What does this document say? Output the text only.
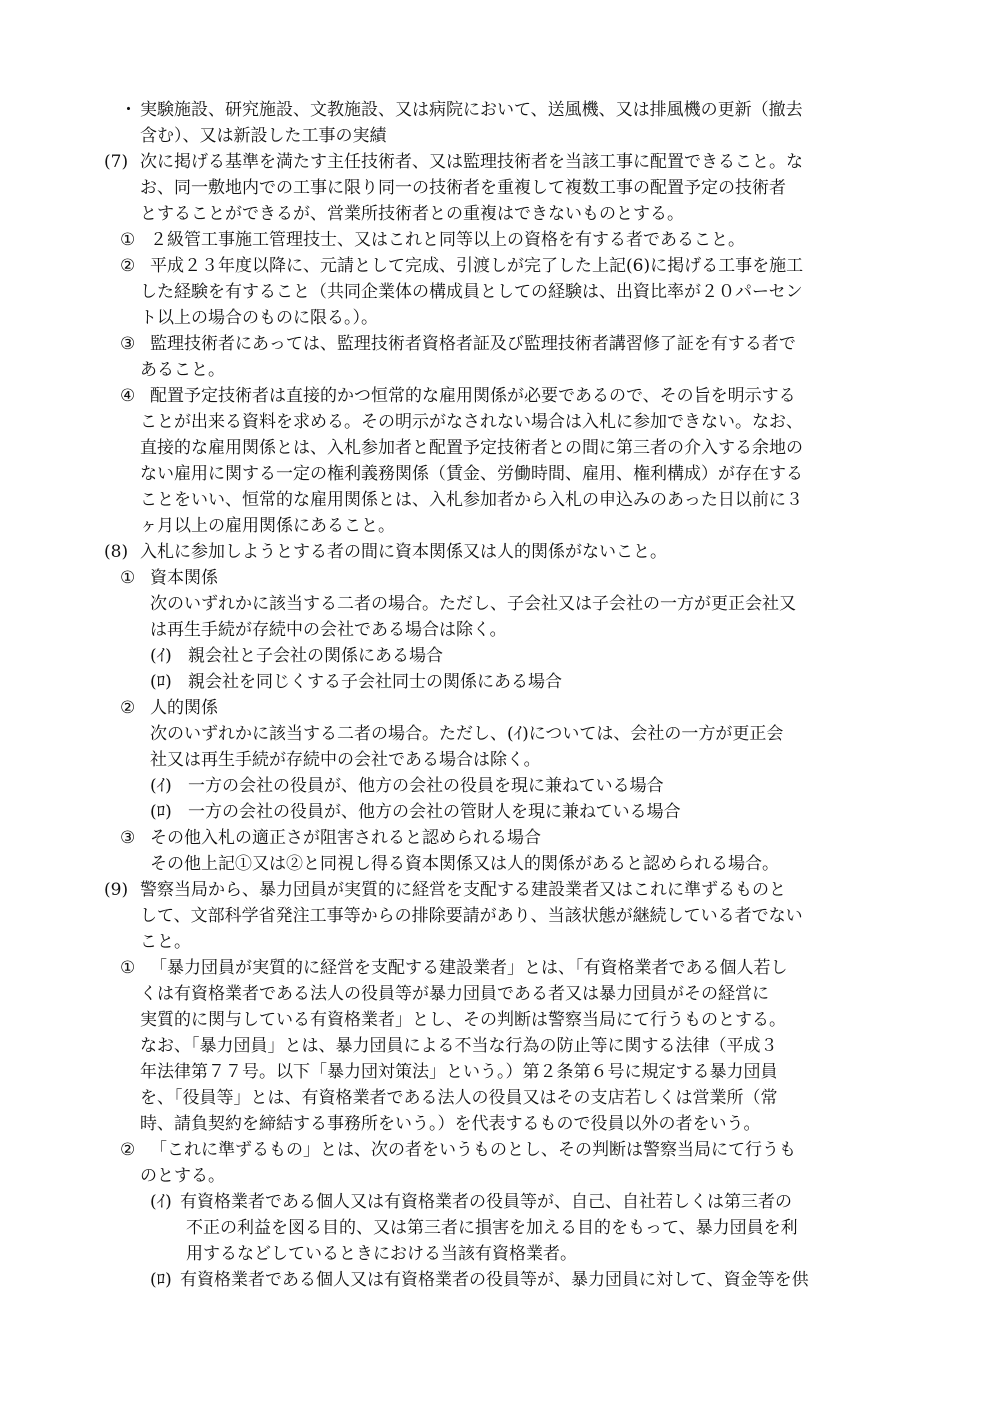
・ 実験施設、研究施設、文教施設、又は病院において、送風機、又は排風機の更新（撤去
含む）、又は新設した工事の実績
(7) 次に掲げる基準を満たす主任技術者、又は監理技術者を当該工事に配置できること。な
お、同一敷地内での工事に限り同一の技術者を重複して複数工事の配置予定の技術者
とすることができるが、営業所技術者との重複はできないものとする。
① ２級管工事施工管理技士、又はこれと同等以上の資格を有する者であること。
② 平成２３年度以降に、元請として完成、引渡しが完了した上記(6)に掲げる工事を施工
した経験を有すること（共同企業体の構成員としての経験は、出資比率が２０パーセン
ト以上の場合のものに限る。）。
③ 監理技術者にあっては、監理技術者資格者証及び監理技術者講習修了証を有する者で
あること。
④ 配置予定技術者は直接的かつ恒常的な雇用関係が必要であるので、その旨を明示する
ことが出来る資料を求める。その明示がなされない場合は入札に参加できない。なお、
直接的な雇用関係とは、入札参加者と配置予定技術者との間に第三者の介入する余地の
ない雇用に関する一定の権利義務関係（賃金、労働時間、雇用、権利構成）が存在する
ことをいい、恒常的な雇用関係とは、入札参加者から入札の申込みのあった日以前に３
ヶ月以上の雇用関係にあること。
(8) 入札に参加しようとする者の間に資本関係又は人的関係がないこと。
① 資本関係
次のいずれかに該当する二者の場合。ただし、子会社又は子会社の一方が更正会社又
は再生手続が存続中の会社である場合は除く。
(ｲ) 親会社と子会社の関係にある場合
(ﾛ) 親会社を同じくする子会社同士の関係にある場合
② 人的関係
次のいずれかに該当する二者の場合。ただし、(ｲ)については、会社の一方が更正会
社又は再生手続が存続中の会社である場合は除く。
(ｲ) 一方の会社の役員が、他方の会社の役員を現に兼ねている場合
(ﾛ) 一方の会社の役員が、他方の会社の管財人を現に兼ねている場合
③ その他入札の適正さが阻害されると認められる場合
その他上記①又は②と同視し得る資本関係又は人的関係があると認められる場合。
(9) 警察当局から、暴力団員が実質的に経営を支配する建設業者又はこれに準ずるものと
して、文部科学省発注工事等からの排除要請があり、当該状態が継続している者でない
こと。
① 「暴力団員が実質的に経営を支配する建設業者」とは、「有資格業者である個人若し
くは有資格業者である法人の役員等が暴力団員である者又は暴力団員がその経営に
実質的に関与している有資格業者」とし、その判断は警察当局にて行うものとする。
なお、「暴力団員」とは、暴力団員による不当な行為の防止等に関する法律（平成３
年法律第７７号。以下「暴力団対策法」という。）第２条第６号に規定する暴力団員
を、「役員等」とは、有資格業者である法人の役員又はその支店若しくは営業所（常
時、請負契約を締結する事務所をいう。）を代表するもので役員以外の者をいう。
② 「これに準ずるもの」とは、次の者をいうものとし、その判断は警察当局にて行うも
のとする。
(ｲ) 有資格業者である個人又は有資格業者の役員等が、自己、自社若しくは第三者の
不正の利益を図る目的、又は第三者に損害を加える目的をもって、暴力団員を利
用するなどしているときにおける当該有資格業者。
(ﾛ) 有資格業者である個人又は有資格業者の役員等が、暴力団員に対して、資金等を供
